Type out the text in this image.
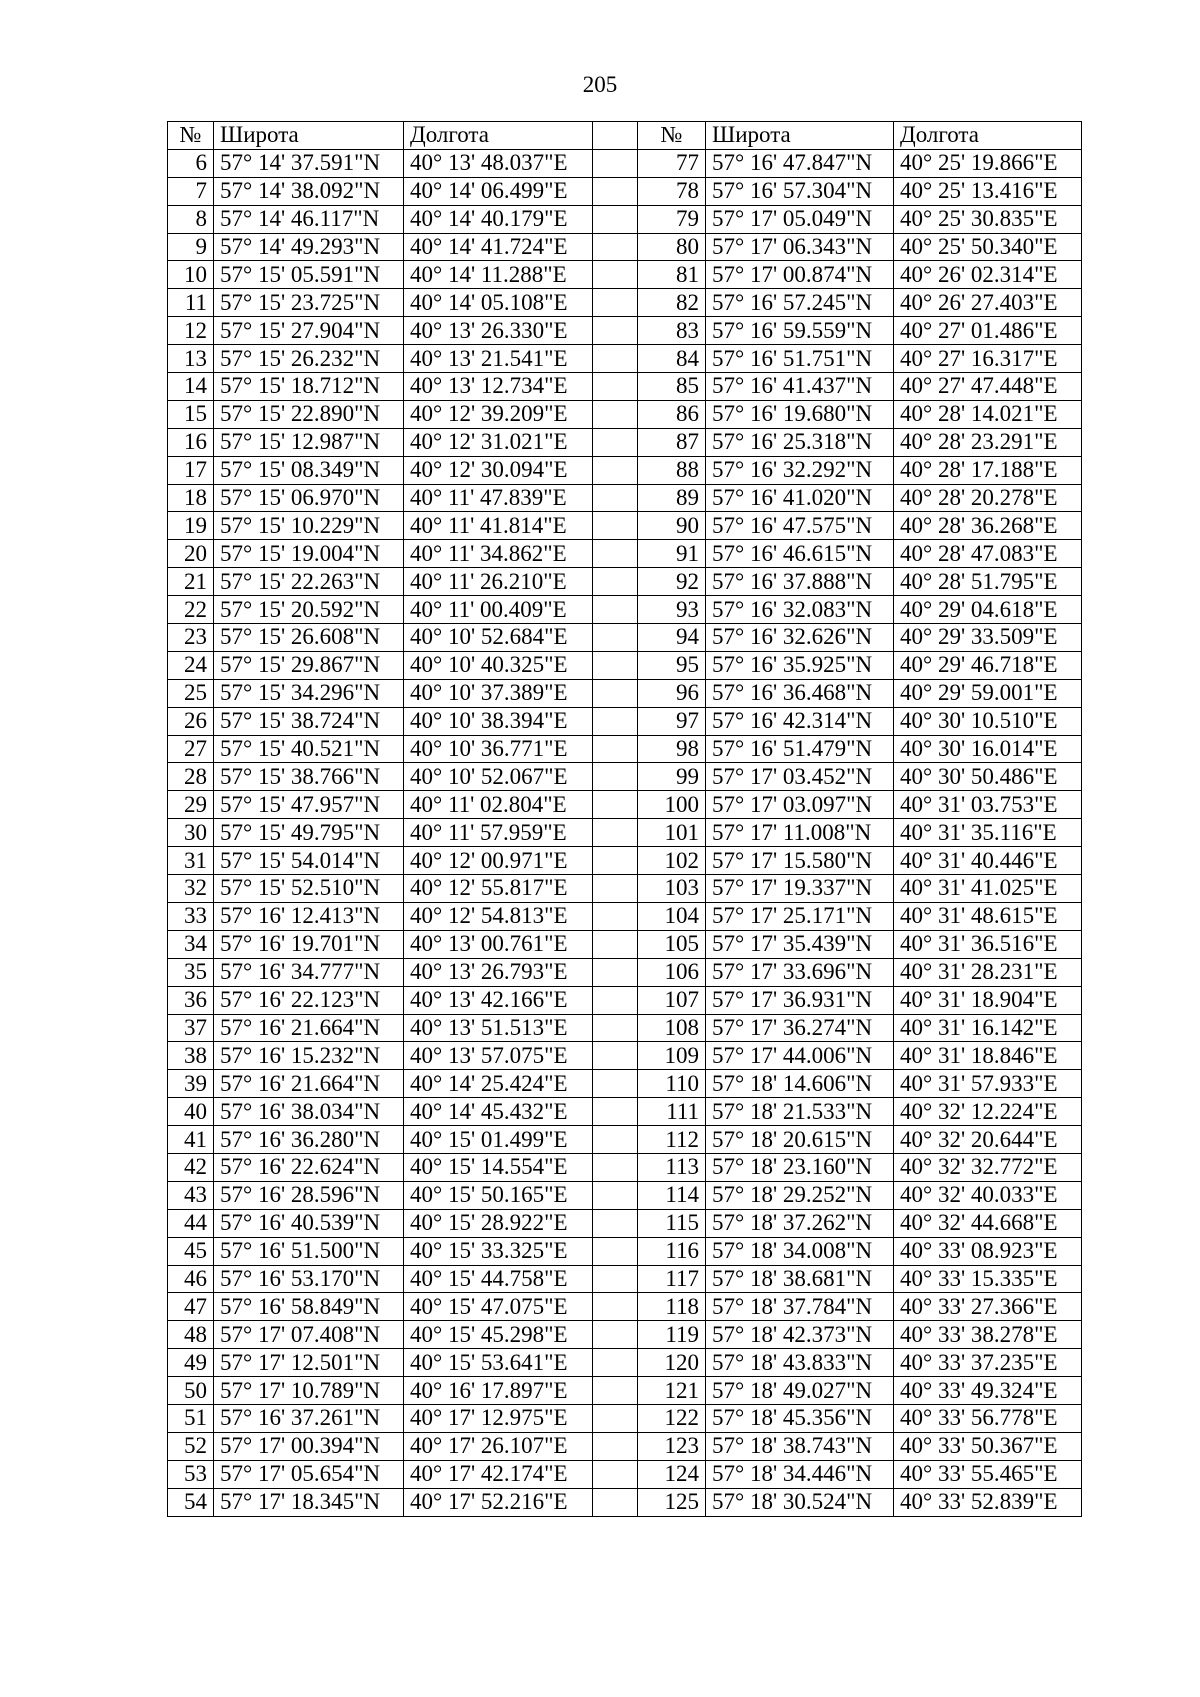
205
№	Широта	Долгота		№	Широта	Долгота
6	57° 14' 37.591"N	40° 13' 48.037"E		77	57° 16' 47.847"N	40° 25' 19.866"E
7	57° 14' 38.092"N	40° 14' 06.499"E		78	57° 16' 57.304"N	40° 25' 13.416"E
8	57° 14' 46.117"N	40° 14' 40.179"E		79	57° 17' 05.049"N	40° 25' 30.835"E
9	57° 14' 49.293"N	40° 14' 41.724"E		80	57° 17' 06.343"N	40° 25' 50.340"E
10	57° 15' 05.591"N	40° 14' 11.288"E		81	57° 17' 00.874"N	40° 26' 02.314"E
11	57° 15' 23.725"N	40° 14' 05.108"E		82	57° 16' 57.245"N	40° 26' 27.403"E
12	57° 15' 27.904"N	40° 13' 26.330"E		83	57° 16' 59.559"N	40° 27' 01.486"E
13	57° 15' 26.232"N	40° 13' 21.541"E		84	57° 16' 51.751"N	40° 27' 16.317"E
14	57° 15' 18.712"N	40° 13' 12.734"E		85	57° 16' 41.437"N	40° 27' 47.448"E
15	57° 15' 22.890"N	40° 12' 39.209"E		86	57° 16' 19.680"N	40° 28' 14.021"E
16	57° 15' 12.987"N	40° 12' 31.021"E		87	57° 16' 25.318"N	40° 28' 23.291"E
17	57° 15' 08.349"N	40° 12' 30.094"E		88	57° 16' 32.292"N	40° 28' 17.188"E
18	57° 15' 06.970"N	40° 11' 47.839"E		89	57° 16' 41.020"N	40° 28' 20.278"E
19	57° 15' 10.229"N	40° 11' 41.814"E		90	57° 16' 47.575"N	40° 28' 36.268"E
20	57° 15' 19.004"N	40° 11' 34.862"E		91	57° 16' 46.615"N	40° 28' 47.083"E
21	57° 15' 22.263"N	40° 11' 26.210"E		92	57° 16' 37.888"N	40° 28' 51.795"E
22	57° 15' 20.592"N	40° 11' 00.409"E		93	57° 16' 32.083"N	40° 29' 04.618"E
23	57° 15' 26.608"N	40° 10' 52.684"E		94	57° 16' 32.626"N	40° 29' 33.509"E
24	57° 15' 29.867"N	40° 10' 40.325"E		95	57° 16' 35.925"N	40° 29' 46.718"E
25	57° 15' 34.296"N	40° 10' 37.389"E		96	57° 16' 36.468"N	40° 29' 59.001"E
26	57° 15' 38.724"N	40° 10' 38.394"E		97	57° 16' 42.314"N	40° 30' 10.510"E
27	57° 15' 40.521"N	40° 10' 36.771"E		98	57° 16' 51.479"N	40° 30' 16.014"E
28	57° 15' 38.766"N	40° 10' 52.067"E		99	57° 17' 03.452"N	40° 30' 50.486"E
29	57° 15' 47.957"N	40° 11' 02.804"E		100	57° 17' 03.097"N	40° 31' 03.753"E
30	57° 15' 49.795"N	40° 11' 57.959"E		101	57° 17' 11.008"N	40° 31' 35.116"E
31	57° 15' 54.014"N	40° 12' 00.971"E		102	57° 17' 15.580"N	40° 31' 40.446"E
32	57° 15' 52.510"N	40° 12' 55.817"E		103	57° 17' 19.337"N	40° 31' 41.025"E
33	57° 16' 12.413"N	40° 12' 54.813"E		104	57° 17' 25.171"N	40° 31' 48.615"E
34	57° 16' 19.701"N	40° 13' 00.761"E		105	57° 17' 35.439"N	40° 31' 36.516"E
35	57° 16' 34.777"N	40° 13' 26.793"E		106	57° 17' 33.696"N	40° 31' 28.231"E
36	57° 16' 22.123"N	40° 13' 42.166"E		107	57° 17' 36.931"N	40° 31' 18.904"E
37	57° 16' 21.664"N	40° 13' 51.513"E		108	57° 17' 36.274"N	40° 31' 16.142"E
38	57° 16' 15.232"N	40° 13' 57.075"E		109	57° 17' 44.006"N	40° 31' 18.846"E
39	57° 16' 21.664"N	40° 14' 25.424"E		110	57° 18' 14.606"N	40° 31' 57.933"E
40	57° 16' 38.034"N	40° 14' 45.432"E		111	57° 18' 21.533"N	40° 32' 12.224"E
41	57° 16' 36.280"N	40° 15' 01.499"E		112	57° 18' 20.615"N	40° 32' 20.644"E
42	57° 16' 22.624"N	40° 15' 14.554"E		113	57° 18' 23.160"N	40° 32' 32.772"E
43	57° 16' 28.596"N	40° 15' 50.165"E		114	57° 18' 29.252"N	40° 32' 40.033"E
44	57° 16' 40.539"N	40° 15' 28.922"E		115	57° 18' 37.262"N	40° 32' 44.668"E
45	57° 16' 51.500"N	40° 15' 33.325"E		116	57° 18' 34.008"N	40° 33' 08.923"E
46	57° 16' 53.170"N	40° 15' 44.758"E		117	57° 18' 38.681"N	40° 33' 15.335"E
47	57° 16' 58.849"N	40° 15' 47.075"E		118	57° 18' 37.784"N	40° 33' 27.366"E
48	57° 17' 07.408"N	40° 15' 45.298"E		119	57° 18' 42.373"N	40° 33' 38.278"E
49	57° 17' 12.501"N	40° 15' 53.641"E		120	57° 18' 43.833"N	40° 33' 37.235"E
50	57° 17' 10.789"N	40° 16' 17.897"E		121	57° 18' 49.027"N	40° 33' 49.324"E
51	57° 16' 37.261"N	40° 17' 12.975"E		122	57° 18' 45.356"N	40° 33' 56.778"E
52	57° 17' 00.394"N	40° 17' 26.107"E		123	57° 18' 38.743"N	40° 33' 50.367"E
53	57° 17' 05.654"N	40° 17' 42.174"E		124	57° 18' 34.446"N	40° 33' 55.465"E
54	57° 17' 18.345"N	40° 17' 52.216"E		125	57° 18' 30.524"N	40° 33' 52.839"E
